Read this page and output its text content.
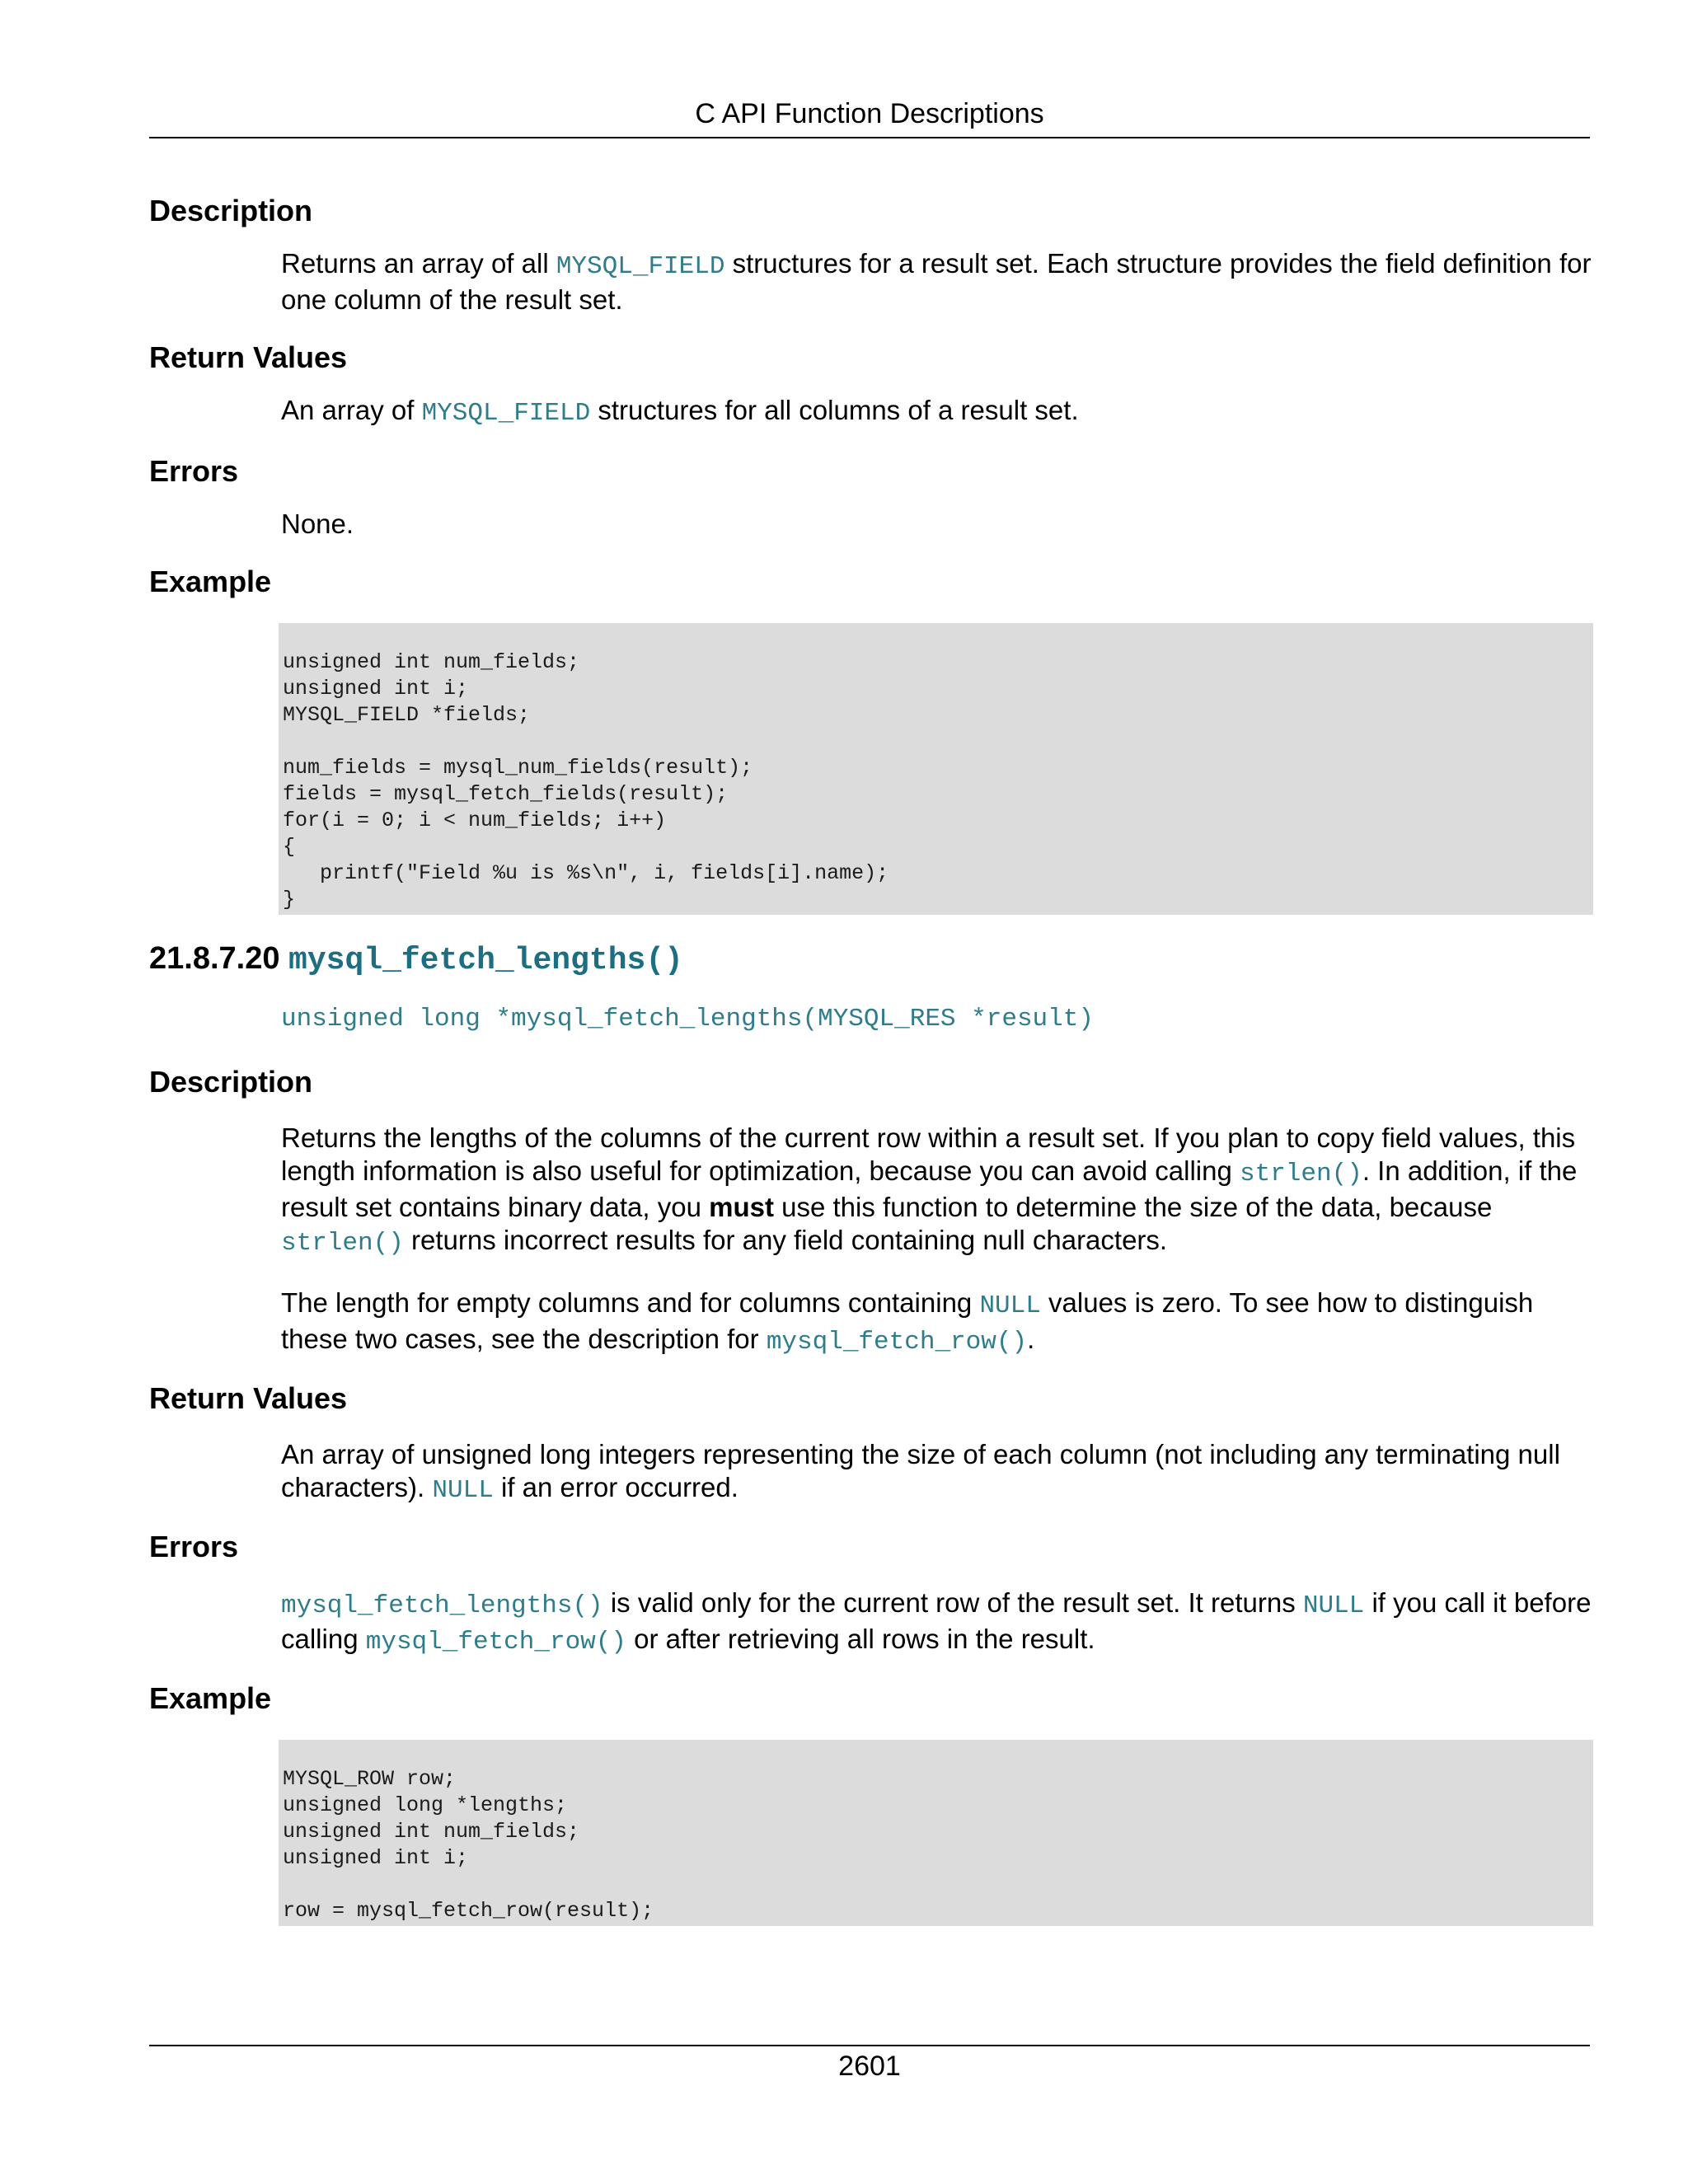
C API Function Descriptions
Description

Returns an array of all MYSQL_FIELD structures for a result set. Each structure provides the field definition for one column of the result set.

Return Values

An array of MYSQL_FIELD structures for all columns of a result set.

Errors

None.

Example
unsigned int num_fields;
unsigned int i;
MYSQL_FIELD *fields;

num_fields = mysql_num_fields(result);
fields = mysql_fetch_fields(result);
for(i = 0; i < num_fields; i++)
{
printf("Field %u is %s\n", i, fields[i].name);
}
21.8.7.20 mysql_fetch_lengths()
unsigned long *mysql_fetch_lengths(MYSQL_RES *result)
Description

Returns the lengths of the columns of the current row within a result set. If you plan to copy field values, this length information is also useful for optimization, because you can avoid calling strlen(). In addition, if the result set contains binary data, you must use this function to determine the size of the data, because strlen() returns incorrect results for any field containing null characters.

The length for empty columns and for columns containing NULL values is zero. To see how to distinguish these two cases, see the description for mysql_fetch_row().

Return Values

An array of unsigned long integers representing the size of each column (not including any terminating null characters). NULL if an error occurred.

Errors

mysql_fetch_lengths() is valid only for the current row of the result set. It returns NULL if you call it before calling mysql_fetch_row() or after retrieving all rows in the result.

Example
MYSQL_ROW row;
unsigned long *lengths;
unsigned int num_fields;
unsigned int i;

row = mysql_fetch_row(result);
2601
